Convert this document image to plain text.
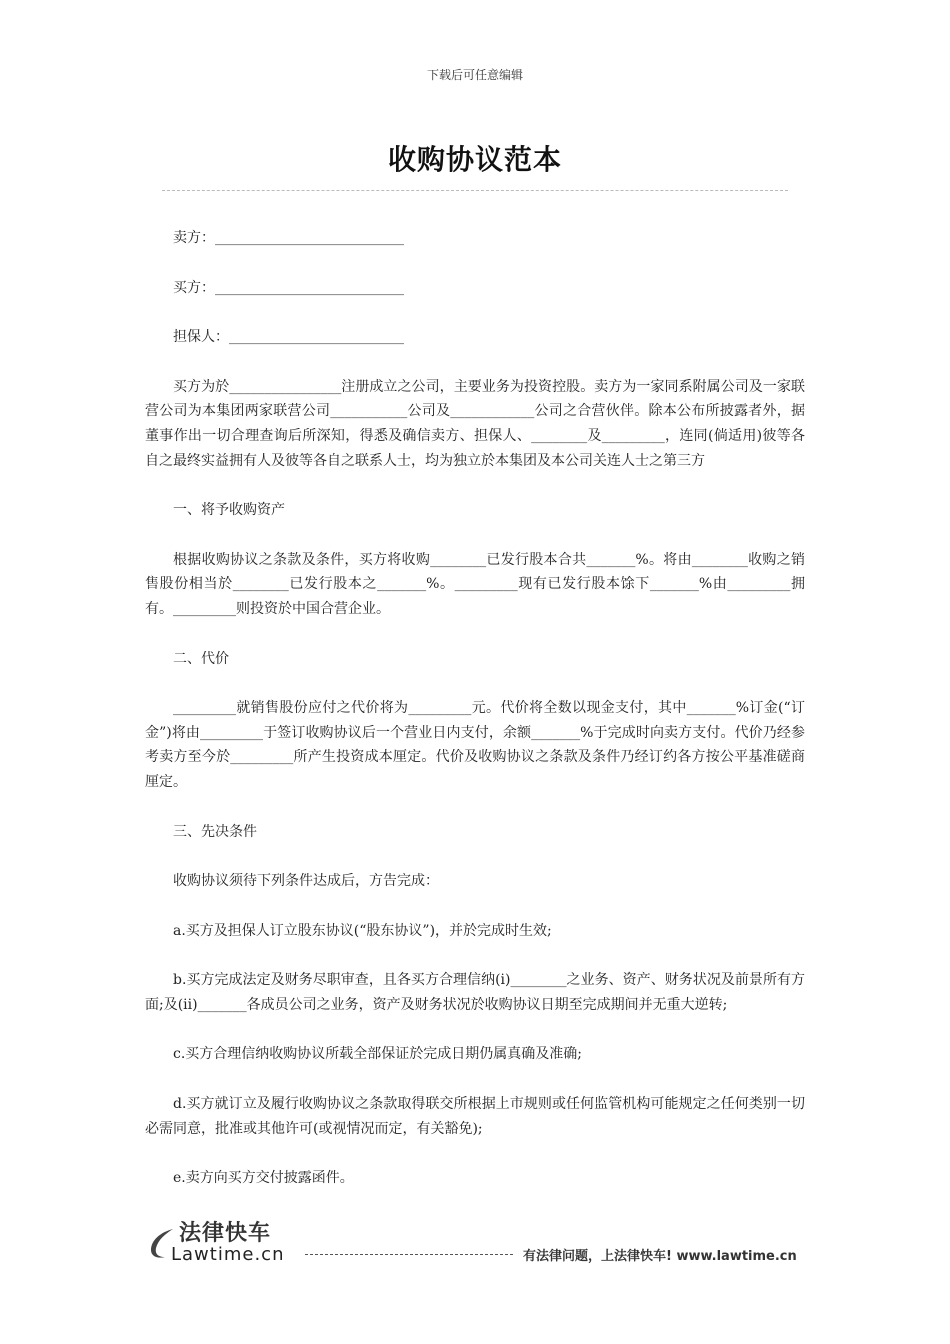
下载后可任意编辑
收购协议范本

卖方：___________________________

买方：___________________________

担保人：_________________________

买方为於________________注册成立之公司，主要业务为投资控股。卖方为一家同系附属公司及一家联营公司为本集团两家联营公司___________公司及____________公司之合营伙伴。除本公布所披露者外，据董事作出一切合理查询后所深知，得悉及确信卖方、担保人、________及_________，连同(倘适用)彼等各自之最终实益拥有人及彼等各自之联系人士，均为独立於本集团及本公司关连人士之第三方

一、将予收购资产

根据收购协议之条款及条件，买方将收购________已发行股本合共_______%。将由________收购之销售股份相当於________已发行股本之_______%。_________现有已发行股本馀下_______%由_________拥有。_________则投资於中国合营企业。

二、代价

_________就销售股份应付之代价将为_________元。代价将全数以现金支付，其中_______%订金(“订金”)将由_________于签订收购协议后一个营业日内支付，余额_______%于完成时向卖方支付。代价乃经参考卖方至今於_________所产生投资成本厘定。代价及收购协议之条款及条件乃经订约各方按公平基准磋商厘定。

三、先决条件

收购协议须待下列条件达成后，方告完成：

a.买方及担保人订立股东协议(“股东协议”)，并於完成时生效;

b.买方完成法定及财务尽职审查，且各买方合理信纳(i)________之业务、资产、财务状况及前景所有方面;及(ii)_______各成员公司之业务，资产及财务状况於收购协议日期至完成期间并无重大逆转;

c.买方合理信纳收购协议所载全部保证於完成日期仍属真确及准确;

d.买方就订立及履行收购协议之条款取得联交所根据上市规则或任何监管机构可能规定之任何类别一切必需同意，批准或其他许可(或视情况而定，有关豁免);

e.卖方向买方交付披露函件。

法律快车
Lawtime.cn	有法律问题，上法律快车! www.lawtime.cn
